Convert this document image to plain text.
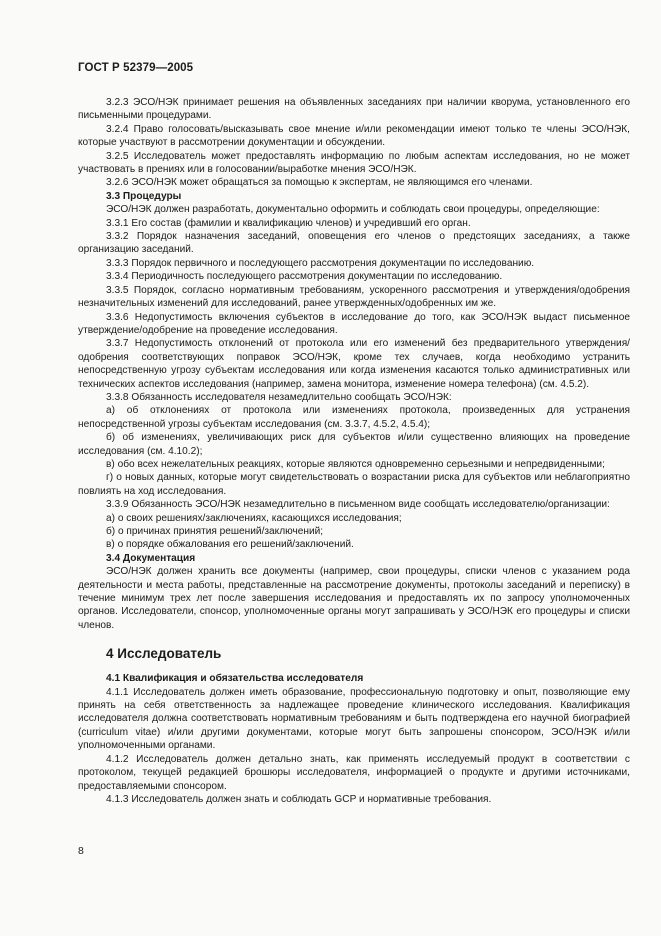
ГОСТ Р 52379—2005

3.2.3 ЭСО/НЭК принимает решения на объявленных заседаниях при наличии кворума, установленного его письменными процедурами.

3.2.4 Право голосовать/высказывать свое мнение и/или рекомендации имеют только те члены ЭСО/НЭК, которые участвуют в рассмотрении документации и обсуждении.

3.2.5 Исследователь может предоставлять информацию по любым аспектам исследования, но не может участвовать в прениях или в голосовании/выработке мнения ЭСО/НЭК.

3.2.6 ЭСО/НЭК может обращаться за помощью к экспертам, не являющимся его членами.

3.3 Процедуры

ЭСО/НЭК должен разработать, документально оформить и соблюдать свои процедуры, определяющие:

3.3.1 Его состав (фамилии и квалификацию членов) и учредивший его орган.

3.3.2 Порядок назначения заседаний, оповещения его членов о предстоящих заседаниях, а также организацию заседаний.

3.3.3 Порядок первичного и последующего рассмотрения документации по исследованию.

3.3.4 Периодичность последующего рассмотрения документации по исследованию.

3.3.5 Порядок, согласно нормативным требованиям, ускоренного рассмотрения и утверждения/одобрения незначительных изменений для исследований, ранее утвержденных/одобренных им же.

3.3.6 Недопустимость включения субъектов в исследование до того, как ЭСО/НЭК выдаст письменное утверждение/одобрение на проведение исследования.

3.3.7 Недопустимость отклонений от протокола или его изменений без предварительного утверждения/одобрения соответствующих поправок ЭСО/НЭК, кроме тех случаев, когда необходимо устранить непосредственную угрозу субъектам исследования или когда изменения касаются только административных или технических аспектов исследования (например, замена монитора, изменение номера телефона) (см. 4.5.2).

3.3.8 Обязанность исследователя незамедлительно сообщать ЭСО/НЭК:

а) об отклонениях от протокола или изменениях протокола, произведенных для устранения непосредственной угрозы субъектам исследования (см. 3.3.7, 4.5.2, 4.5.4);

б) об изменениях, увеличивающих риск для субъектов и/или существенно влияющих на проведение исследования (см. 4.10.2);

в) обо всех нежелательных реакциях, которые являются одновременно серьезными и непредвиденными;

г) о новых данных, которые могут свидетельствовать о возрастании риска для субъектов или неблагоприятно повлиять на ход исследования.

3.3.9 Обязанность ЭСО/НЭК незамедлительно в письменном виде сообщать исследователю/организации:

а) о своих решениях/заключениях, касающихся исследования;

б) о причинах принятия решений/заключений;

в) о порядке обжалования его решений/заключений.

3.4 Документация

ЭСО/НЭК должен хранить все документы (например, свои процедуры, списки членов с указанием рода деятельности и места работы, представленные на рассмотрение документы, протоколы заседаний и переписку) в течение минимум трех лет после завершения исследования и предоставлять их по запросу уполномоченных органов. Исследователи, спонсор, уполномоченные органы могут запрашивать у ЭСО/НЭК его процедуры и списки членов.

4 Исследователь

4.1 Квалификация и обязательства исследователя

4.1.1 Исследователь должен иметь образование, профессиональную подготовку и опыт, позволяющие ему принять на себя ответственность за надлежащее проведение клинического исследования. Квалификация исследователя должна соответствовать нормативным требованиям и быть подтверждена его научной биографией (curriculum vitae) и/или другими документами, которые могут быть запрошены спонсором, ЭСО/НЭК и/или уполномоченными органами.

4.1.2 Исследователь должен детально знать, как применять исследуемый продукт в соответствии с протоколом, текущей редакцией брошюры исследователя, информацией о продукте и другими источниками, предоставляемыми спонсором.

4.1.3 Исследователь должен знать и соблюдать GCP и нормативные требования.

8
